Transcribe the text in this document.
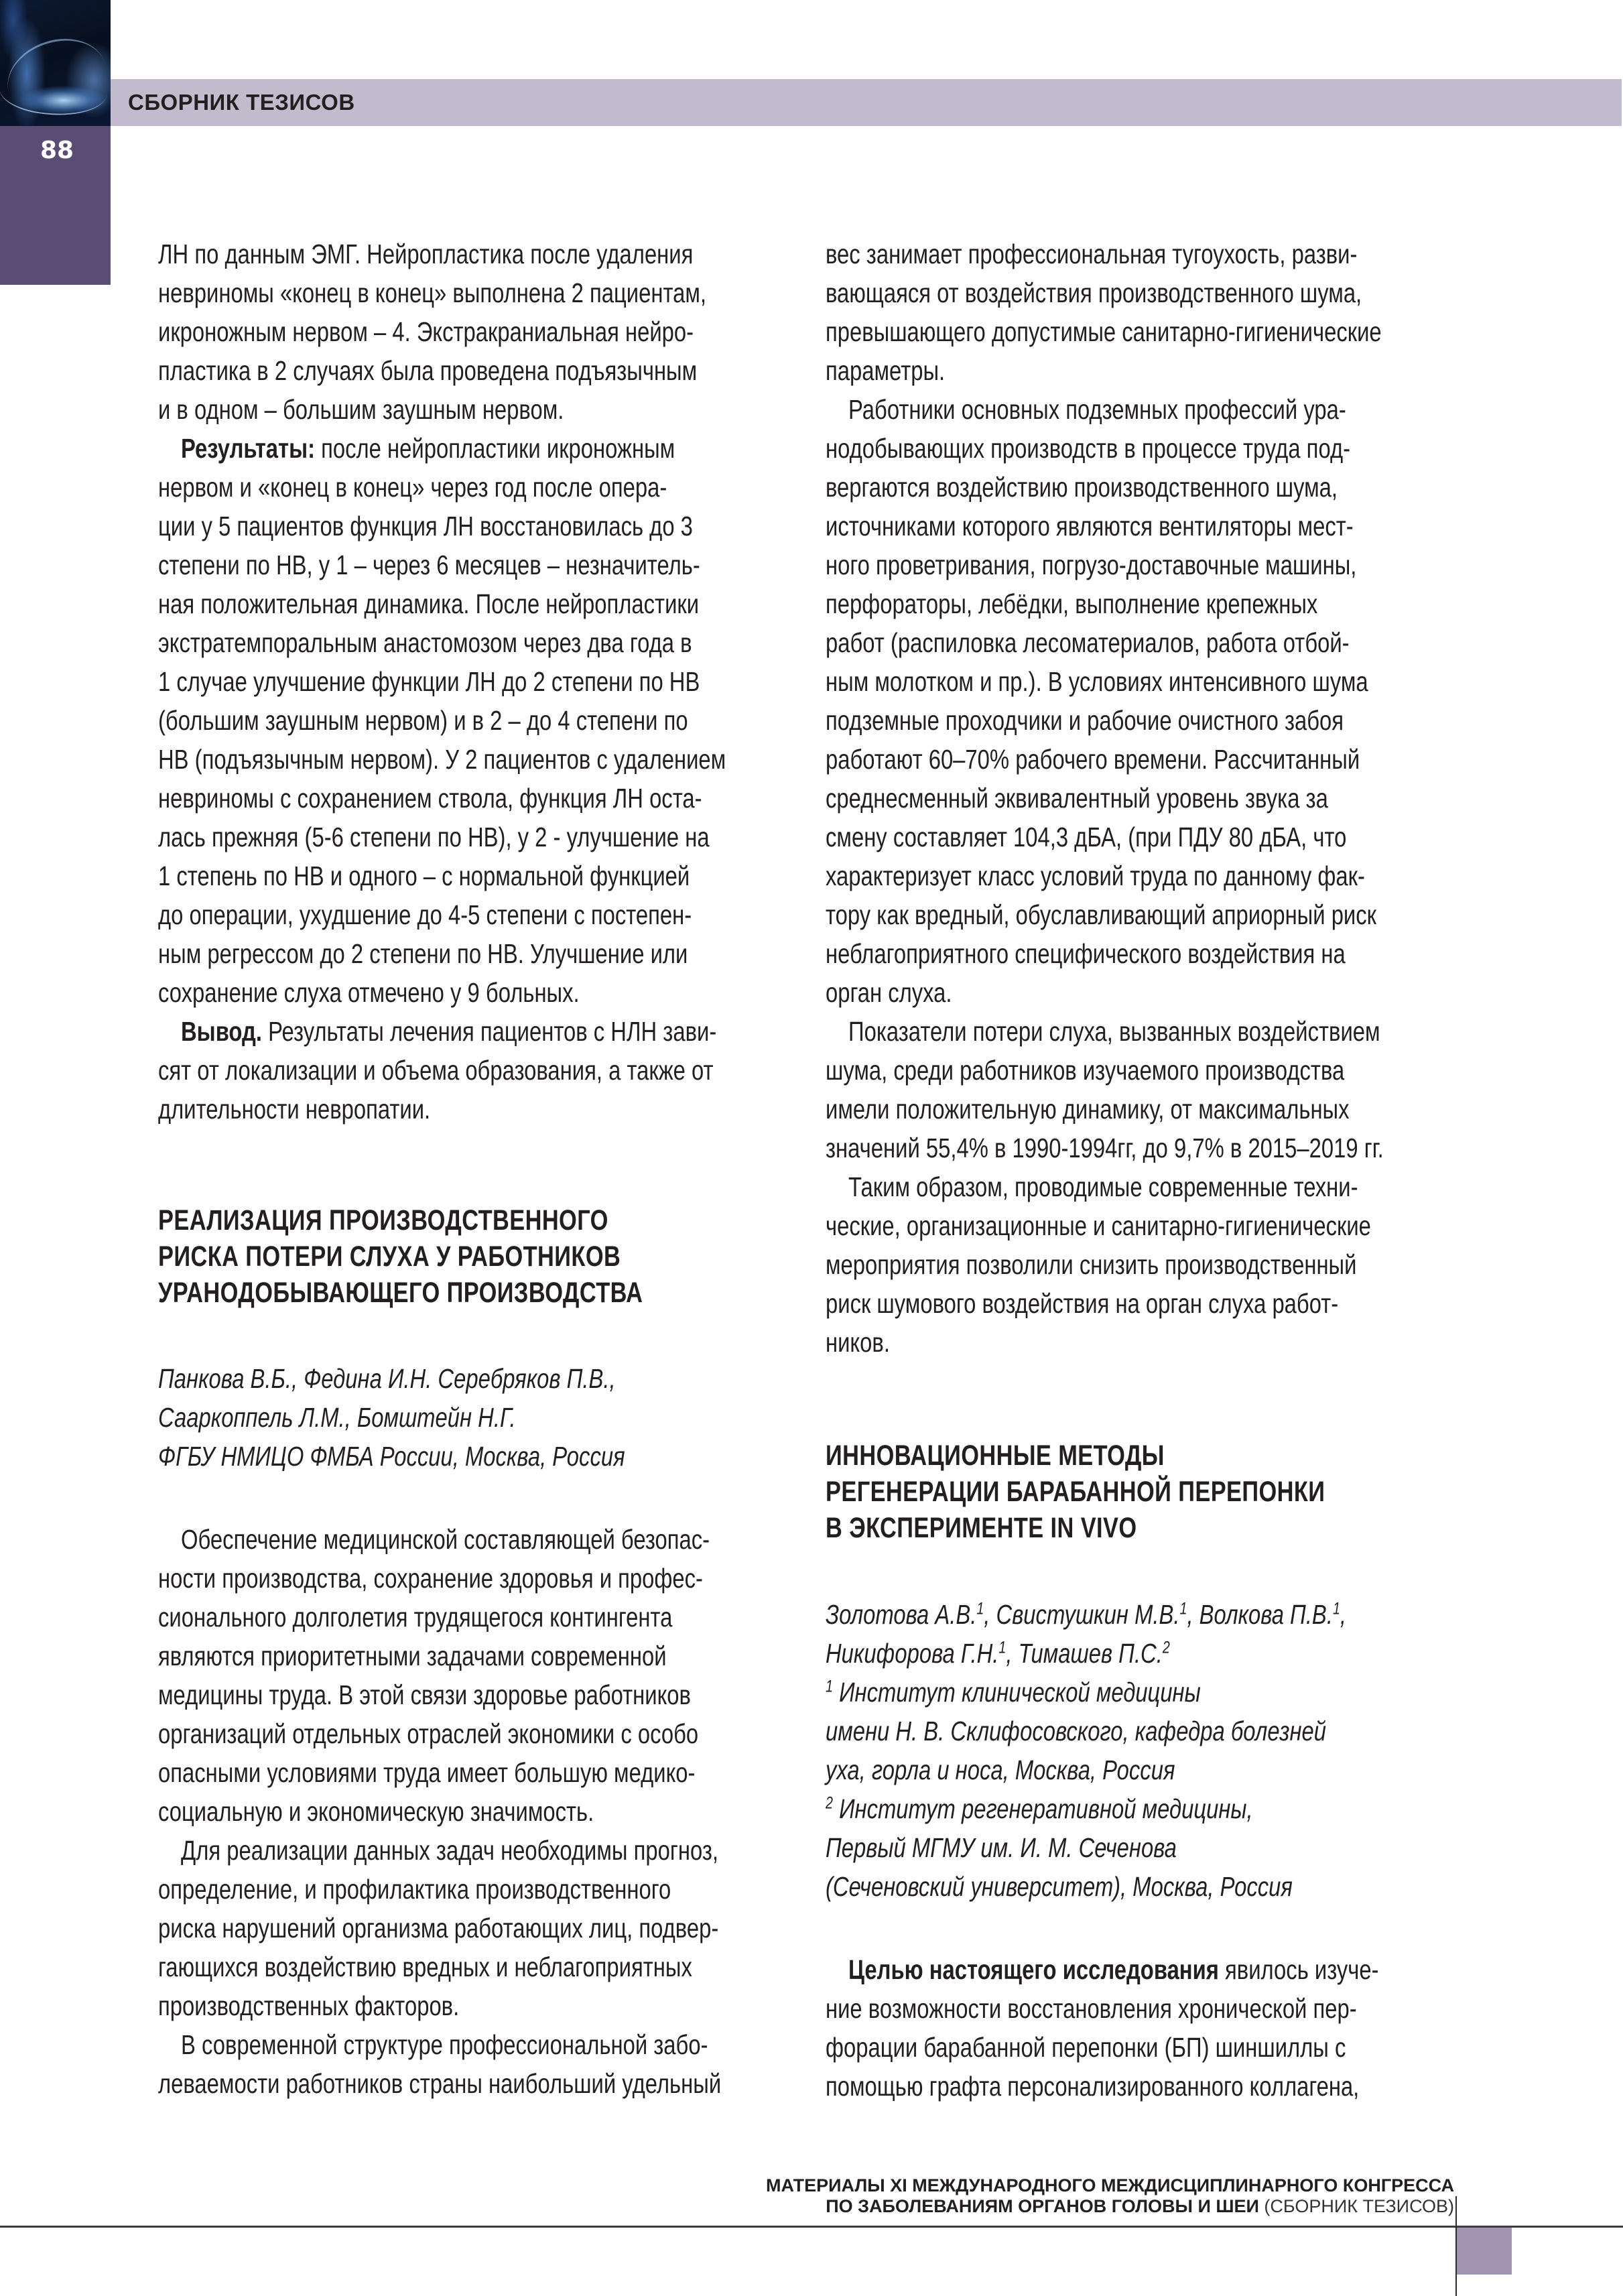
СБОРНИК ТЕЗИСОВ
88
ЛН по данным ЭМГ. Нейропластика после удаления
невриномы «конец в конец» выполнена 2 пациентам,
икроножным нервом – 4. Экстракраниальная нейро-
пластика в 2 случаях была проведена подъязычным
и в одном – большим заушным нервом.
Результаты: после нейропластики икроножным
нервом и «конец в конец» через год после опера-
ции у 5 пациентов функция ЛН восстановилась до 3
степени по НВ, у 1 – через 6 месяцев – незначитель-
ная положительная динамика. После нейропластики
экстратемпоральным анастомозом через два года в
1 случае улучшение функции ЛН до 2 степени по НВ
(большим заушным нервом) и в 2 – до 4 степени по
НВ (подъязычным нервом). У 2 пациентов с удалением
невриномы с сохранением ствола, функция ЛН оста-
лась прежняя (5-6 степени по НВ), у 2 - улучшение на
1 степень по НВ и одного – с нормальной функцией
до операции, ухудшение до 4-5 степени с постепен-
ным регрессом до 2 степени по НВ. Улучшение или
сохранение слуха отмечено у 9 больных.
Вывод. Результаты лечения пациентов с НЛН зави-
сят от локализации и объема образования, а также от
длительности невропатии.
РЕАЛИЗАЦИЯ ПРОИЗВОДСТВЕННОГО
РИСКА ПОТЕРИ СЛУХА У РАБОТНИКОВ
УРАНОДОБЫВАЮЩЕГО ПРОИЗВОДСТВА
Панкова В.Б., Федина И.Н. Серебряков П.В.,
Сааркоппель Л.М., Бомштейн Н.Г.
ФГБУ НМИЦО ФМБА России, Москва, Россия
Обеспечение медицинской составляющей безопас-
ности производства, сохранение здоровья и профес-
сионального долголетия трудящегося контингента
являются приоритетными задачами современной
медицины труда. В этой связи здоровье работников
организаций отдельных отраслей экономики с особо
опасными условиями труда имеет большую медико-
социальную и экономическую значимость.
Для реализации данных задач необходимы прогноз,
определение, и профилактика производственного
риска нарушений организма работающих лиц, подвер-
гающихся воздействию вредных и неблагоприятных
производственных факторов.
В современной структуре профессиональной забо-
леваемости работников страны наибольший удельный
вес занимает профессиональная тугоухость, разви-
вающаяся от воздействия производственного шума,
превышающего допустимые санитарно-гигиенические
параметры.
Работники основных подземных профессий ура-
нодобывающих производств в процессе труда под-
вергаются воздействию производственного шума,
источниками которого являются вентиляторы мест-
ного проветривания, погрузо-доставочные машины,
перфораторы, лебёдки, выполнение крепежных
работ (распиловка лесоматериалов, работа отбой-
ным молотком и пр.). В условиях интенсивного шума
подземные проходчики и рабочие очистного забоя
работают 60–70% рабочего времени. Рассчитанный
среднесменный эквивалентный уровень звука за
смену составляет 104,3 дБА, (при ПДУ 80 дБА, что
характеризует класс условий труда по данному фак-
тору как вредный, обуславливающий априорный риск
неблагоприятного специфического воздействия на
орган слуха.
Показатели потери слуха, вызванных воздействием
шума, среди работников изучаемого производства
имели положительную динамику, от максимальных
значений 55,4% в 1990-1994гг, до 9,7% в 2015–2019 гг.
Таким образом, проводимые современные техни-
ческие, организационные и санитарно-гигиенические
мероприятия позволили снизить производственный
риск шумового воздействия на орган слуха работ-
ников.
ИННОВАЦИОННЫЕ МЕТОДЫ
РЕГЕНЕРАЦИИ БАРАБАННОЙ ПЕРЕПОНКИ
В ЭКСПЕРИМЕНТЕ IN VIVO
Золотова А.В.$^1$, Свистушкин М.В.$^1$, Волкова П.В.$^1$,
Никифорова Г.Н.$^1$, Тимашев П.С.$^2$
$^1$ Институт клинической медицины
имени Н. В. Склифосовского, кафедра болезней
уха, горла и носа, Москва, Россия
$^2$ Институт регенеративной медицины,
Первый МГМУ им. И. М. Сеченова
(Сеченовский университет), Москва, Россия
Целью настоящего исследования явилось изуче-
ние возможности восстановления хронической пер-
форации барабанной перепонки (БП) шиншиллы с
помощью графта персонализированного коллагена,
МАТЕРИАЛЫ XI МЕЖДУНАРОДНОГО МЕЖДИСЦИПЛИНАРНОГО КОНГРЕССА
ПО ЗАБОЛЕВАНИЯМ ОРГАНОВ ГОЛОВЫ И ШЕИ (СБОРНИК ТЕЗИСОВ)
